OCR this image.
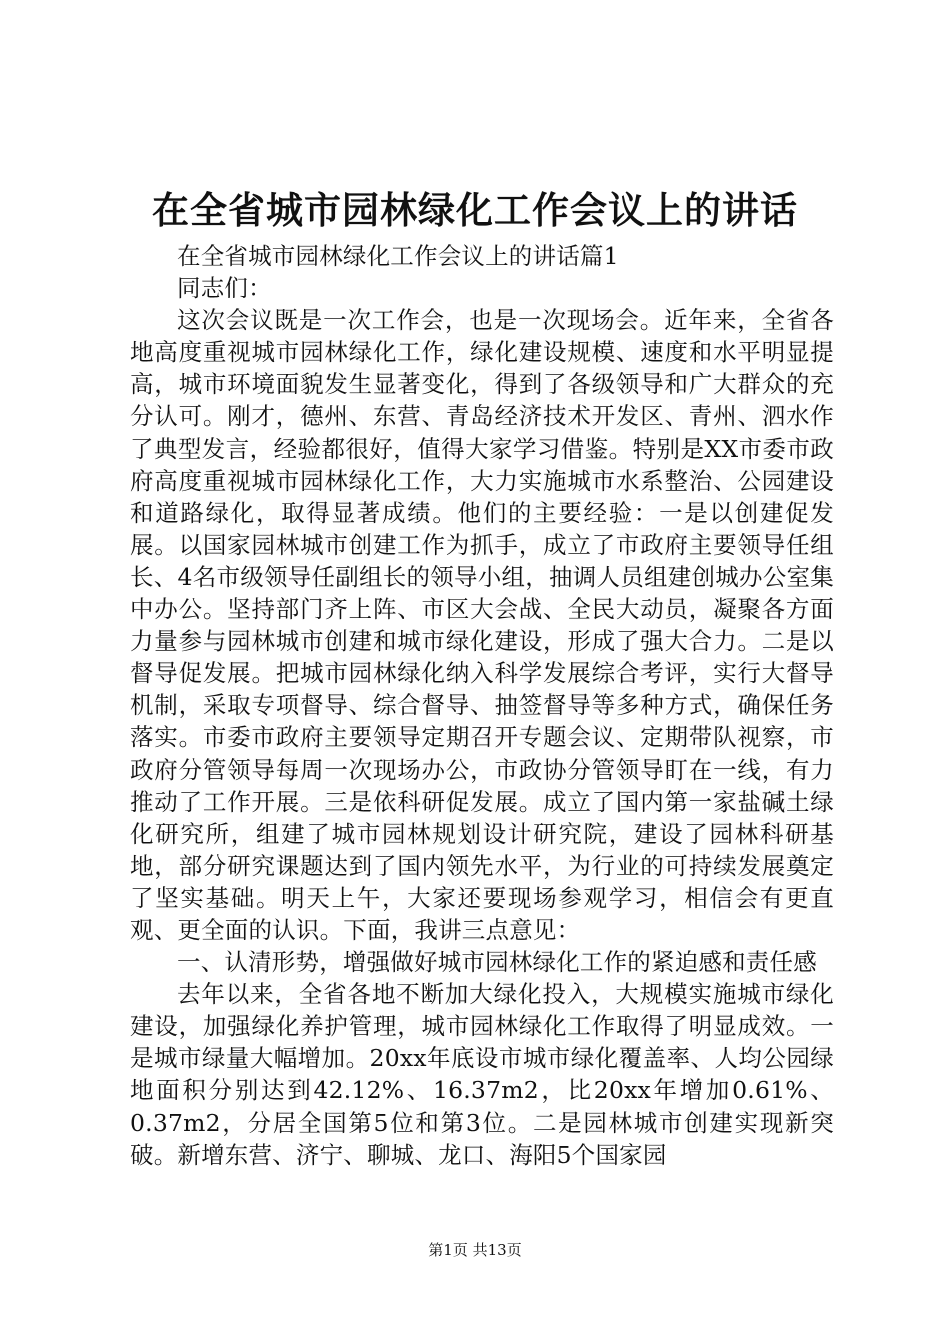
在全省城市园林绿化工作会议上的讲话

在全省城市园林绿化工作会议上的讲话篇1

同志们：

这次会议既是一次工作会，也是一次现场会。近年来，全省各地高度重视城市园林绿化工作，绿化建设规模、速度和水平明显提高，城市环境面貌发生显著变化，得到了各级领导和广大群众的充分认可。刚才，德州、东营、青岛经济技术开发区、青州、泗水作了典型发言，经验都很好，值得大家学习借鉴。特别是XX市委市政府高度重视城市园林绿化工作，大力实施城市水系整治、公园建设和道路绿化，取得显著成绩。他们的主要经验：一是以创建促发展。以国家园林城市创建工作为抓手，成立了市政府主要领导任组长、4名市级领导任副组长的领导小组，抽调人员组建创城办公室集中办公。坚持部门齐上阵、市区大会战、全民大动员，凝聚各方面力量参与园林城市创建和城市绿化建设，形成了强大合力。二是以督导促发展。把城市园林绿化纳入科学发展综合考评，实行大督导机制，采取专项督导、综合督导、抽签督导等多种方式，确保任务落实。市委市政府主要领导定期召开专题会议、定期带队视察，市政府分管领导每周一次现场办公，市政协分管领导盯在一线，有力推动了工作开展。三是依科研促发展。成立了国内第一家盐碱土绿化研究所，组建了城市园林规划设计研究院，建设了园林科研基地，部分研究课题达到了国内领先水平，为行业的可持续发展奠定了坚实基础。明天上午，大家还要现场参观学习，相信会有更直观、更全面的认识。下面，我讲三点意见：

一、认清形势，增强做好城市园林绿化工作的紧迫感和责任感

去年以来，全省各地不断加大绿化投入，大规模实施城市绿化建设，加强绿化养护管理，城市园林绿化工作取得了明显成效。一是城市绿量大幅增加。20xx年底设市城市绿化覆盖率、人均公园绿地面积分别达到42.12%、16.37m2，比20xx年增加0.61%、0.37m2，分居全国第5位和第3位。二是园林城市创建实现新突破。新增东营、济宁、聊城、龙口、海阳5个国家园

第1页 共13页
